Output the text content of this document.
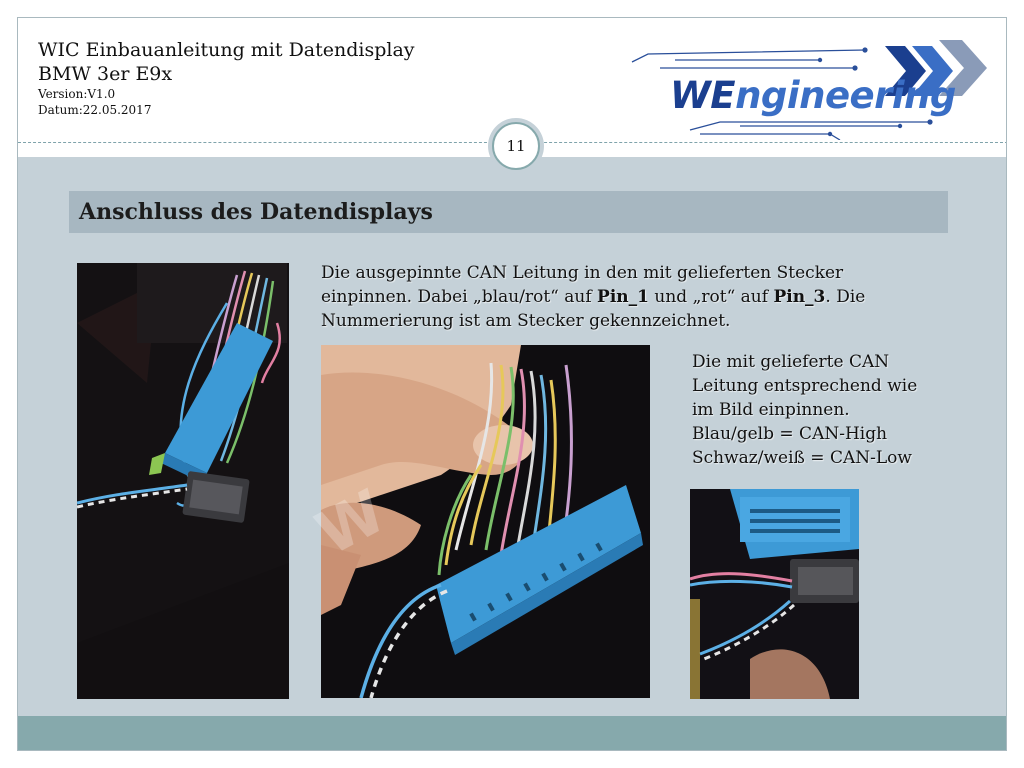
WIC Einbauanleitung mit Datendisplay
BMW 3er E9x
Version:V1.0
Datum:22.05.2017	WEngineering
11
Anschluss des Datendisplays
W
Die ausgepinnte CAN Leitung in den mit gelieferten Stecker
einpinnen. Dabei „blau/rot“ auf Pin_1 und „rot“ auf Pin_3. Die
Nummerierung ist am Stecker gekennzeichnet.
Die mit gelieferte CAN
Leitung entsprechend wie
im Bild einpinnen.
Blau/gelb = CAN-High
Schwaz/weiß = CAN-Low
